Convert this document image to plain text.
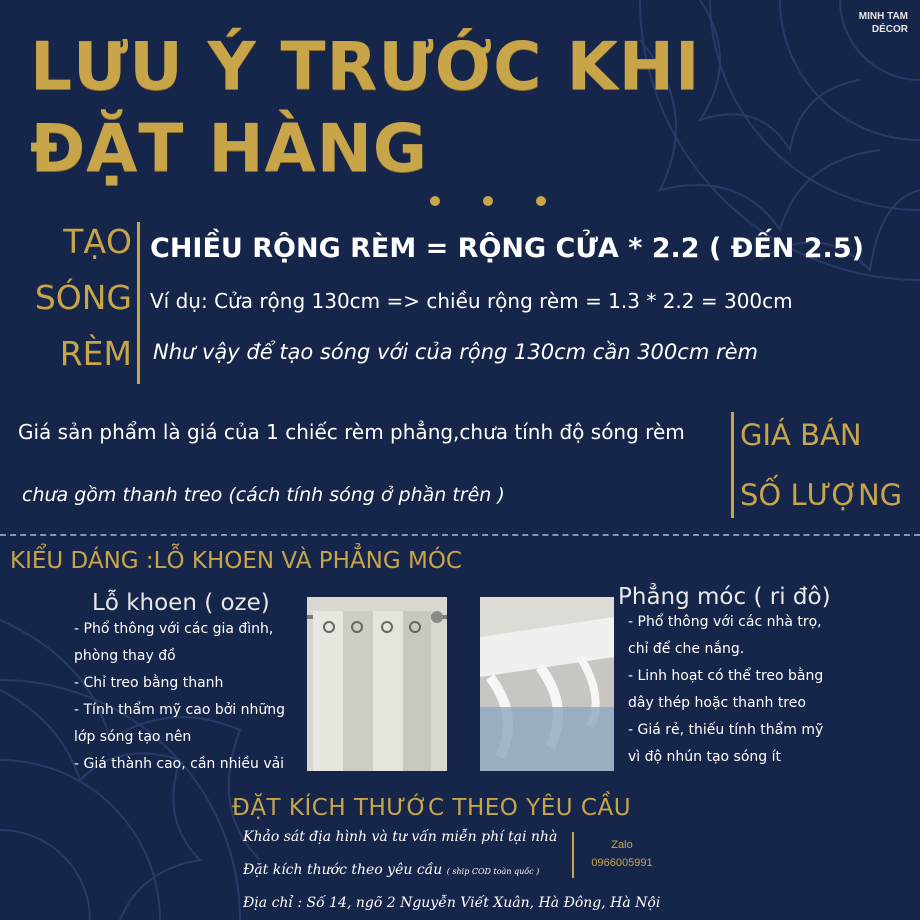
MINH TAM
DÉCOR
LƯU Ý TRƯỚC KHI
ĐẶT HÀNG
TẠO
SÓNG
RÈM
CHIỀU RỘNG RÈM = RỘNG CỬA * 2.2 ( ĐẾN 2.5)
Ví dụ: Cửa rộng 130cm => chiều rộng rèm = 1.3 * 2.2 = 300cm
Như vậy để tạo sóng với của rộng 130cm cần 300cm rèm
Giá sản phẩm là giá của 1 chiếc rèm phẳng,chưa tính độ sóng rèm
chưa gồm thanh treo (cách tính sóng ở phần trên )
GIÁ BÁN
SỐ LƯỢNG
KIỂU DÁNG :LỖ KHOEN VÀ PHẲNG MÓC
Lỗ khoen ( oze)
- Phổ thông với các gia đình,
phòng thay đồ
- Chỉ treo bằng thanh
- Tính thẩm mỹ cao bởi những
lớp sóng tạo nên
- Giá thành cao, cần nhiều vải
Phẳng móc ( ri đô)
- Phổ thông với các nhà trọ,
chỉ để che nắng.
- Linh hoạt có thể treo bằng
dây thép hoặc thanh treo
- Giá rẻ, thiếu tính thẩm mỹ
vì độ nhún tạo sóng ít
ĐẶT KÍCH THƯỚC THEO YÊU CẦU
Khảo sát địa hình và tư vấn miễn phí tại nhà
Đặt kích thước theo yêu cầu ( ship COD toàn quốc )
Địa chỉ : Số 14, ngõ 2 Nguyễn Viết Xuân, Hà Đông, Hà Nội
Zalo
0966005991
